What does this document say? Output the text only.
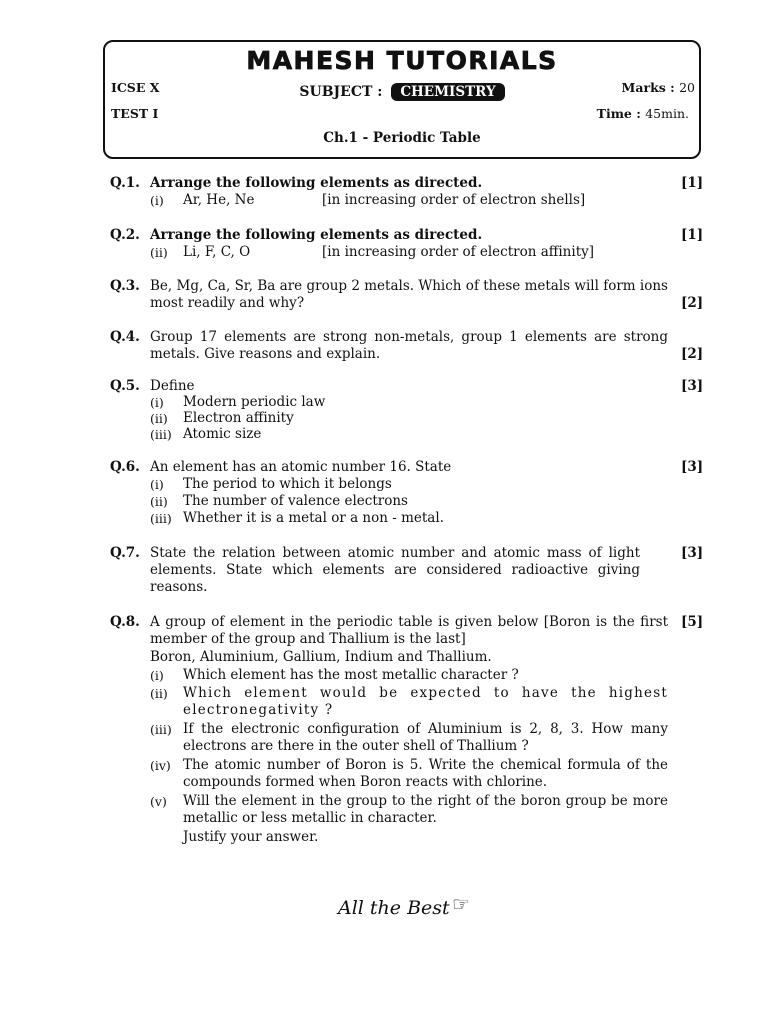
MAHESH TUTORIALS
ICSE X
TEST I
SUBJECT : CHEMISTRY	Marks : 20
Time : 45min.
Ch.1 - Periodic Table
Q.1. Arrange the following elements as directed.	[1]
(i) Ar, He, Ne	[in increasing order of electron shells]
Q.2. Arrange the following elements as directed.	[1]
(ii) Li, F, C, O	[in increasing order of electron affinity]
Q.3. Be, Mg, Ca, Sr, Ba are group 2 metals. Which of these metals will form ions most readily and why?	[2]
Q.4. Group 17 elements are strong non-metals, group 1 elements are strong metals. Give reasons and explain.	[2]
Q.5. Define	[3]
(i) Modern periodic law
(ii) Electron affinity
(iii) Atomic size
Q.6. An element has an atomic number 16. State	[3]
(i) The period to which it belongs
(ii) The number of valence electrons
(iii) Whether it is a metal or a non - metal.
Q.7. State the relation between atomic number and atomic mass of light elements. State which elements are considered radioactive giving reasons.
[3]
Q.8. A group of element in the periodic table is given below [Boron is the first member of the group and Thallium is the last]
[5]
Boron, Aluminium, Gallium, Indium and Thallium.
(i) Which element has the most metallic character ?
(ii) Which element would be expected to have the highest electronegativity ?
(iii) If the electronic configuration of Aluminium is 2, 8, 3. How many electrons are there in the outer shell of Thallium ?
(iv) The atomic number of Boron is 5. Write the chemical formula of the compounds formed when Boron reacts with chlorine.
(v) Will the element in the group to the right of the boron group be more metallic or less metallic in character.
Justify your answer.
All the Best ☞
